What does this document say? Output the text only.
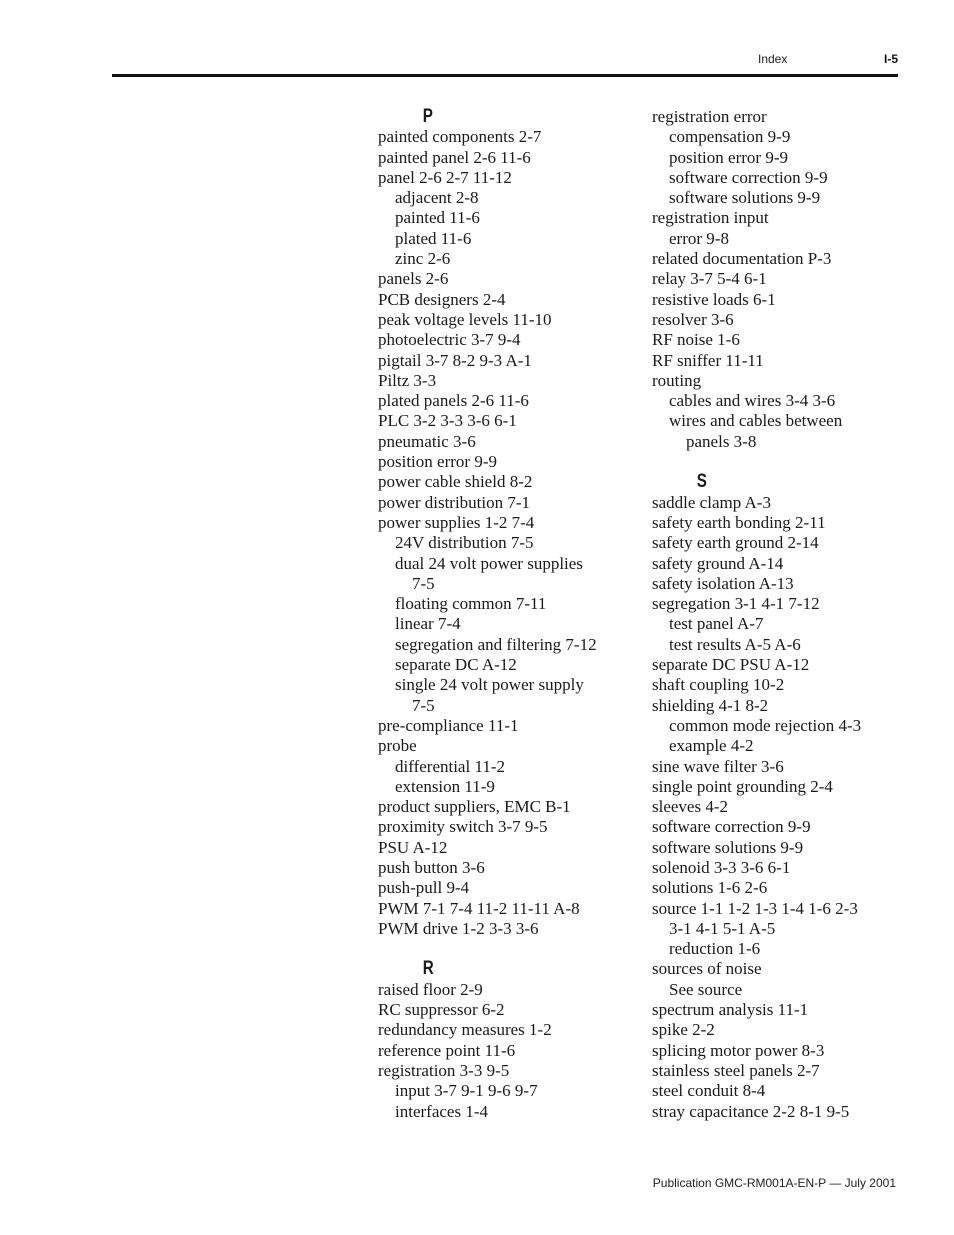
Index	I-5
P
painted components 2-7
painted panel 2-6 11-6
panel 2-6 2-7 11-12
adjacent 2-8
painted 11-6
plated 11-6
zinc 2-6
panels 2-6
PCB designers 2-4
peak voltage levels 11-10
photoelectric 3-7 9-4
pigtail 3-7 8-2 9-3 A-1
Piltz 3-3
plated panels 2-6 11-6
PLC 3-2 3-3 3-6 6-1
pneumatic 3-6
position error 9-9
power cable shield 8-2
power distribution 7-1
power supplies 1-2 7-4
24V distribution 7-5
dual 24 volt power supplies
7-5
floating common 7-11
linear 7-4
segregation and filtering 7-12
separate DC A-12
single 24 volt power supply
7-5
pre-compliance 11-1
probe
differential 11-2
extension 11-9
product suppliers, EMC B-1
proximity switch 3-7 9-5
PSU A-12
push button 3-6
push-pull 9-4
PWM 7-1 7-4 11-2 11-11 A-8
PWM drive 1-2 3-3 3-6
R
raised floor 2-9
RC suppressor 6-2
redundancy measures 1-2
reference point 11-6
registration 3-3 9-5
input 3-7 9-1 9-6 9-7
interfaces 1-4
registration error
compensation 9-9
position error 9-9
software correction 9-9
software solutions 9-9
registration input
error 9-8
related documentation P-3
relay 3-7 5-4 6-1
resistive loads 6-1
resolver 3-6
RF noise 1-6
RF sniffer 11-11
routing
cables and wires 3-4 3-6
wires and cables between
panels 3-8
S
saddle clamp A-3
safety earth bonding 2-11
safety earth ground 2-14
safety ground A-14
safety isolation A-13
segregation 3-1 4-1 7-12
test panel A-7
test results A-5 A-6
separate DC PSU A-12
shaft coupling 10-2
shielding 4-1 8-2
common mode rejection 4-3
example 4-2
sine wave filter 3-6
single point grounding 2-4
sleeves 4-2
software correction 9-9
software solutions 9-9
solenoid 3-3 3-6 6-1
solutions 1-6 2-6
source 1-1 1-2 1-3 1-4 1-6 2-3
3-1 4-1 5-1 A-5
reduction 1-6
sources of noise
See source
spectrum analysis 11-1
spike 2-2
splicing motor power 8-3
stainless steel panels 2-7
steel conduit 8-4
stray capacitance 2-2 8-1 9-5
Publication GMC-RM001A-EN-P — July 2001
